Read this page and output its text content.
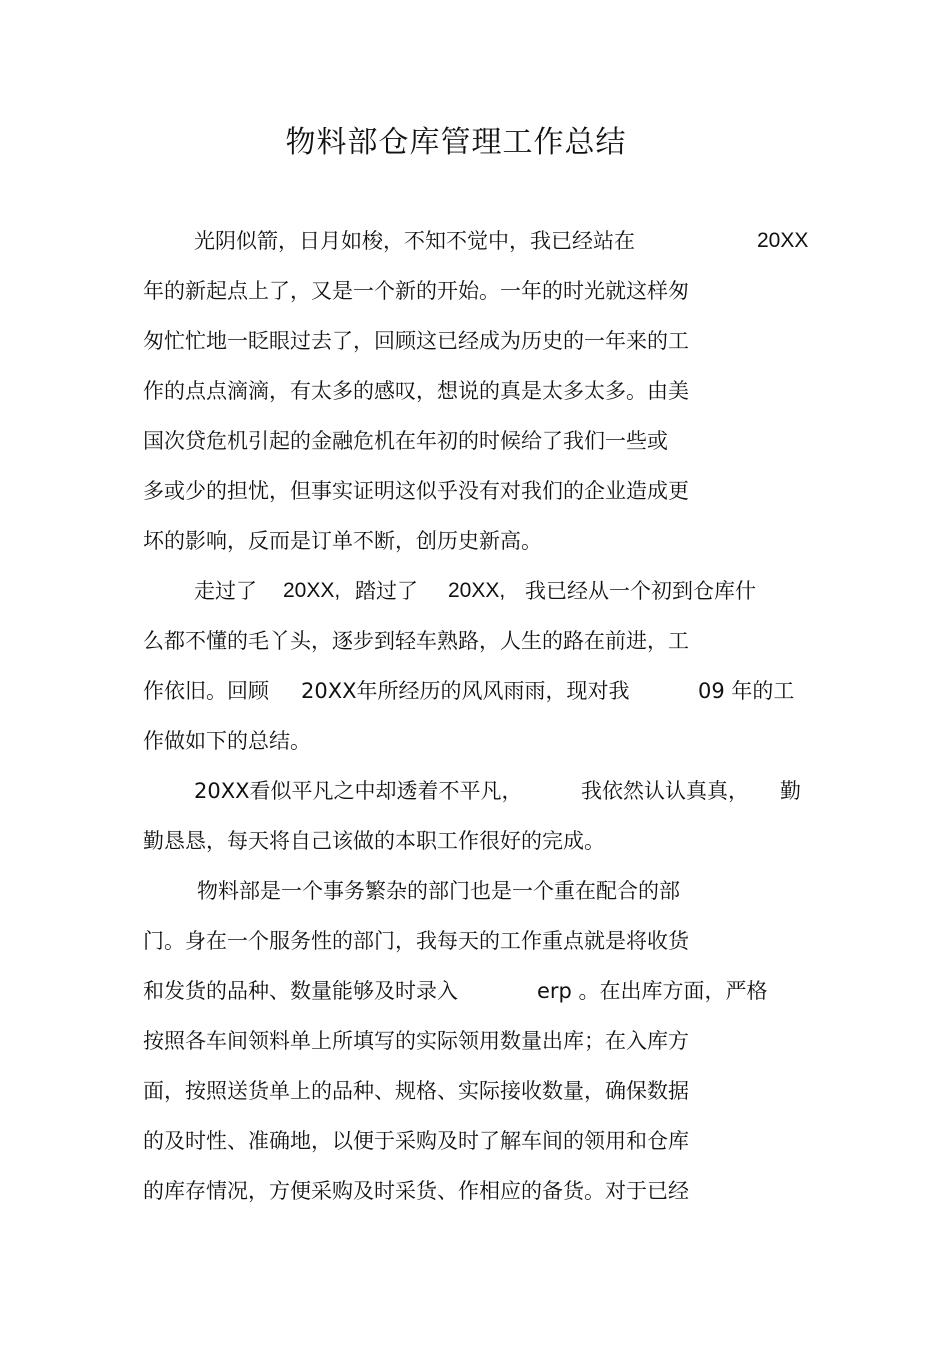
物料部仓库管理工作总结
光阴似箭，日月如梭，不知不觉中，我已经站在	20XX
年的新起点上了，又是一个新的开始。一年的时光就这样匆
匆忙忙地一眨眼过去了，回顾这已经成为历史的一年来的工
作的点点滴滴，有太多的感叹，想说的真是太多太多。由美
国次贷危机引起的金融危机在年初的时候给了我们一些或
多或少的担忧，但事实证明这似乎没有对我们的企业造成更
坏的影响，反而是订单不断，创历史新高。
走过了 20XX, 踏过了 20XX, 我已经从一个初到仓库什
么都不懂的毛丫头，逐步到轻车熟路，人生的路在前进，工
作依旧。回顾 20XX年所经历的风风雨雨，现对我	09 年的工
作做如下的总结。
20XX看似平凡之中却透着不平凡，	我依然认认真真， 勤
勤恳恳，每天将自己该做的本职工作很好的完成。
物料部是一个事务繁杂的部门也是一个重在配合的部
门。身在一个服务性的部门，我每天的工作重点就是将收货
和发货的品种、数量能够及时录入	erp 。在出库方面，严格
按照各车间领料单上所填写的实际领用数量出库；在入库方
面，按照送货单上的品种、规格、实际接收数量，确保数据
的及时性、准确地，以便于采购及时了解车间的领用和仓库
的库存情况，方便采购及时采货、作相应的备货。对于已经
